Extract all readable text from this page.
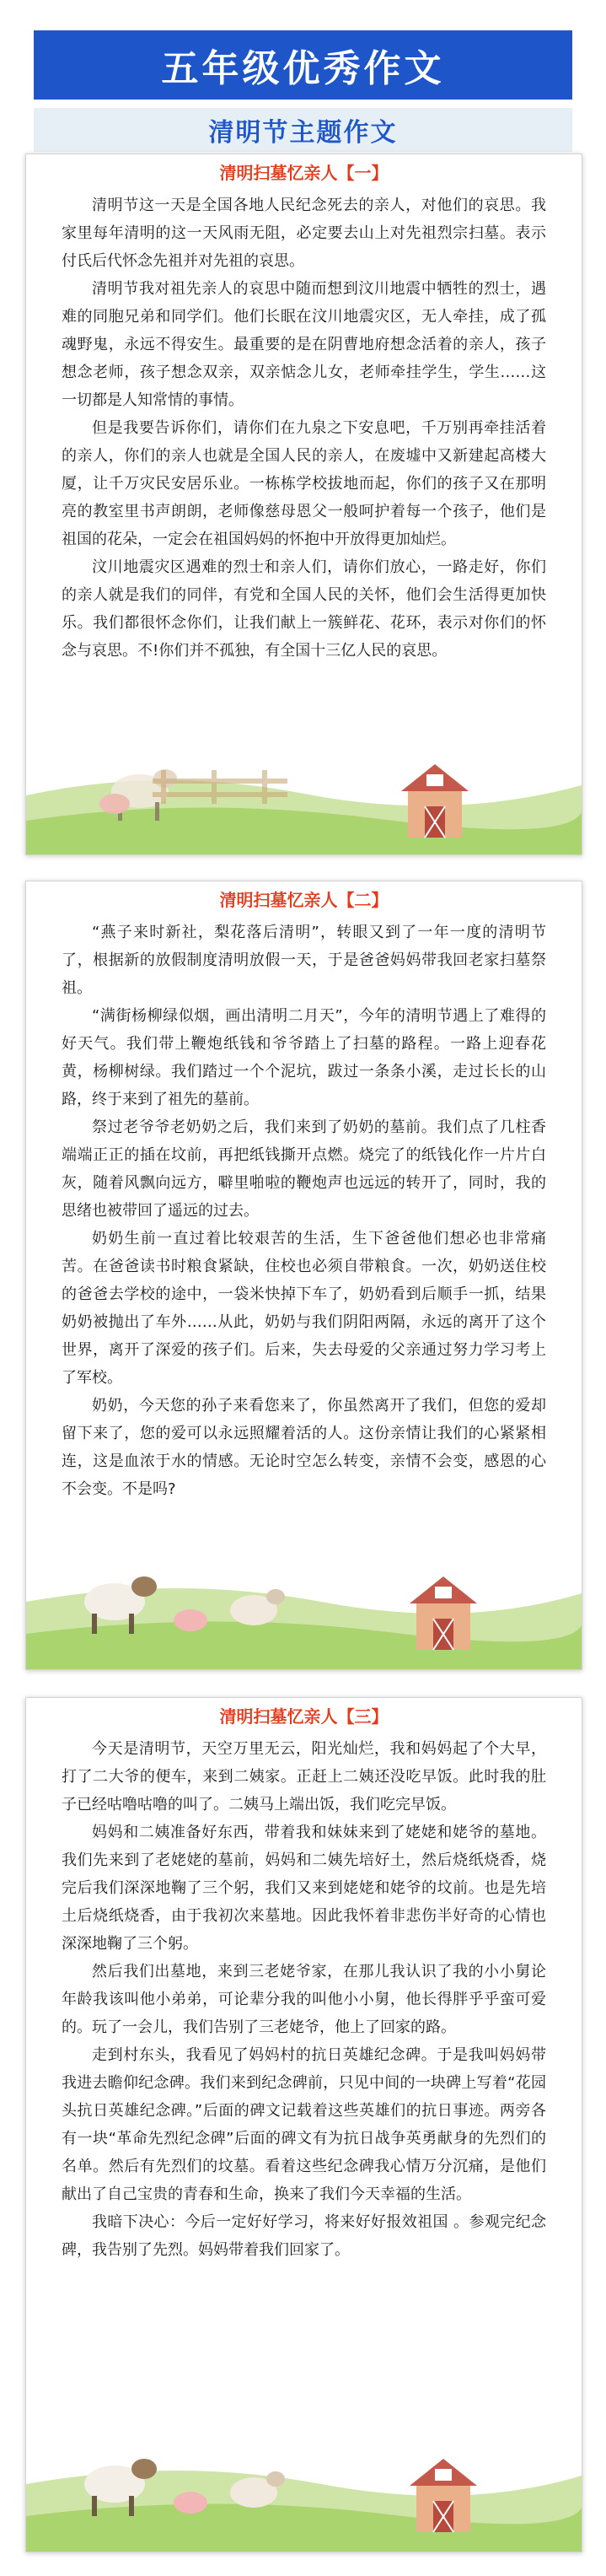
五年级优秀作文
清明节主题作文
清明扫墓忆亲人【一】

清明节这一天是全国各地人民纪念死去的亲人，对他们的哀思。我家里每年清明的这一天风雨无阻，必定要去山上对先祖烈宗扫墓。表示付氏后代怀念先祖并对先祖的哀思。

清明节我对祖先亲人的哀思中随而想到汶川地震中牺牲的烈士，遇难的同胞兄弟和同学们。他们长眠在汶川地震灾区，无人牵挂，成了孤魂野鬼，永远不得安生。最重要的是在阴曹地府想念活着的亲人，孩子想念老师，孩子想念双亲，双亲惦念儿女，老师牵挂学生，学生……这一切都是人知常情的事情。

但是我要告诉你们，请你们在九泉之下安息吧，千万别再牵挂活着的亲人，你们的亲人也就是全国人民的亲人，在废墟中又新建起高楼大厦，让千万灾民安居乐业。一栋栋学校拔地而起，你们的孩子又在那明亮的教室里书声朗朗，老师像慈母恩父一般呵护着每一个孩子，他们是祖国的花朵，一定会在祖国妈妈的怀抱中开放得更加灿烂。

汶川地震灾区遇难的烈士和亲人们，请你们放心，一路走好，你们的亲人就是我们的同伴，有党和全国人民的关怀，他们会生活得更加快乐。我们都很怀念你们，让我们献上一簇鲜花、花环，表示对你们的怀念与哀思。不!你们并不孤独，有全国十三亿人民的哀思。

清明扫墓忆亲人【二】

“燕子来时新社，梨花落后清明”，转眼又到了一年一度的清明节了，根据新的放假制度清明放假一天，于是爸爸妈妈带我回老家扫墓祭祖。

“满街杨柳绿似烟，画出清明二月天”，今年的清明节遇上了难得的好天气。我们带上鞭炮纸钱和爷爷踏上了扫墓的路程。一路上迎春花黄，杨柳树绿。我们踏过一个个泥坑，跋过一条条小溪，走过长长的山路，终于来到了祖先的墓前。

祭过老爷爷老奶奶之后，我们来到了奶奶的墓前。我们点了几柱香端端正正的插在坟前，再把纸钱撕开点燃。烧完了的纸钱化作一片片白灰，随着风飘向远方，噼里啪啦的鞭炮声也远远的转开了，同时，我的思绪也被带回了遥远的过去。

奶奶生前一直过着比较艰苦的生活，生下爸爸他们想必也非常痛苦。在爸爸读书时粮食紧缺，住校也必须自带粮食。一次，奶奶送住校的爸爸去学校的途中，一袋米快掉下车了，奶奶看到后顺手一抓，结果奶奶被抛出了车外……从此，奶奶与我们阴阳两隔，永远的离开了这个世界，离开了深爱的孩子们。后来，失去母爱的父亲通过努力学习考上了军校。

奶奶，今天您的孙子来看您来了，你虽然离开了我们，但您的爱却留下来了，您的爱可以永远照耀着活的人。这份亲情让我们的心紧紧相连，这是血浓于水的情感。无论时空怎么转变，亲情不会变，感恩的心不会变。不是吗?

清明扫墓忆亲人【三】

今天是清明节，天空万里无云，阳光灿烂，我和妈妈起了个大早，打了二大爷的便车，来到二姨家。正赶上二姨还没吃早饭。此时我的肚子已经咕噜咕噜的叫了。二姨马上端出饭，我们吃完早饭。

妈妈和二姨准备好东西，带着我和妹妹来到了姥姥和姥爷的墓地。我们先来到了老姥姥的墓前，妈妈和二姨先培好土，然后烧纸烧香，烧完后我们深深地鞠了三个躬，我们又来到姥姥和姥爷的坟前。也是先培土后烧纸烧香，由于我初次来墓地。因此我怀着非悲伤半好奇的心情也深深地鞠了三个躬。

然后我们出墓地，来到三老姥爷家，在那儿我认识了我的小小舅论年龄我该叫他小弟弟，可论辈分我的叫他小小舅，他长得胖乎乎蛮可爱的。玩了一会儿，我们告别了三老姥爷，他上了回家的路。

走到村东头，我看见了妈妈村的抗日英雄纪念碑。于是我叫妈妈带我进去瞻仰纪念碑。我们来到纪念碑前，只见中间的一块碑上写着“花园头抗日英雄纪念碑。”后面的碑文记载着这些英雄们的抗日事迹。两旁各有一块“革命先烈纪念碑”后面的碑文有为抗日战争英勇献身的先烈们的名单。然后有先烈们的坟墓。看着这些纪念碑我心情万分沉痛，是他们献出了自己宝贵的青春和生命，换来了我们今天幸福的生活。

我暗下决心：今后一定好好学习，将来好好报效祖国 。参观完纪念碑，我告别了先烈。妈妈带着我们回家了。
